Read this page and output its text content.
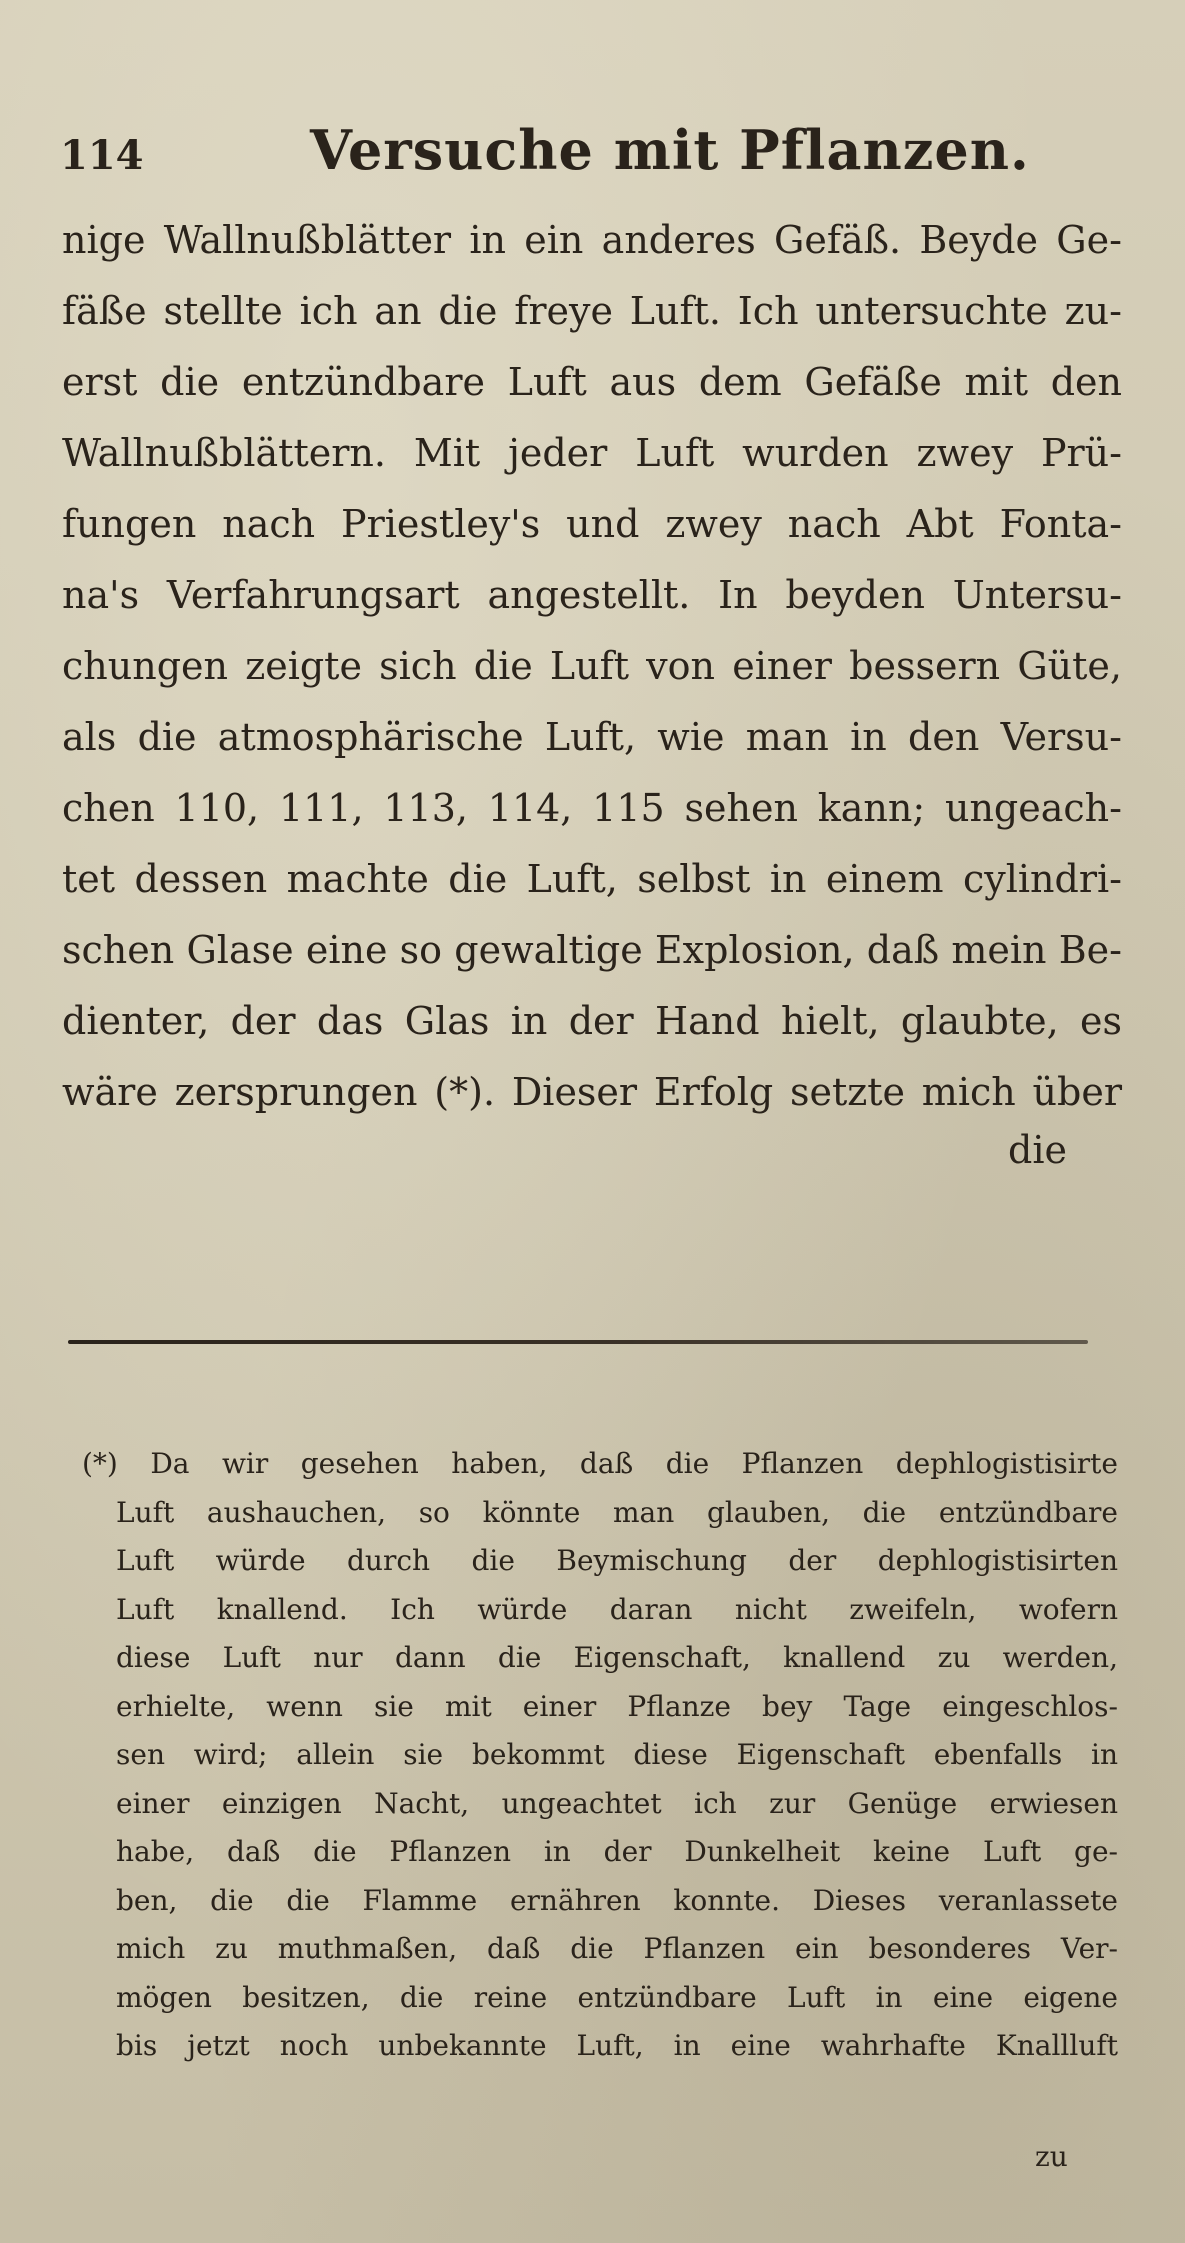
114	Versuche mit Pflanzen.
nige Wallnußblätter in ein anderes Gefäß. Beyde Ge-
fäße stellte ich an die freye Luft. Ich untersuchte zu-
erst die entzündbare Luft aus dem Gefäße mit den
Wallnußblättern. Mit jeder Luft wurden zwey Prü-
fungen nach Priestley's und zwey nach Abt Fonta-
na's Verfahrungsart angestellt. In beyden Untersu-
chungen zeigte sich die Luft von einer bessern Güte,
als die atmosphärische Luft, wie man in den Versu-
chen 110, 111, 113, 114, 115 sehen kann; ungeach-
tet dessen machte die Luft, selbst in einem cylindri-
schen Glase eine so gewaltige Explosion, daß mein Be-
dienter, der das Glas in der Hand hielt, glaubte, es
wäre zersprungen (*). Dieser Erfolg setzte mich über
die
(*) Da wir gesehen haben, daß die Pflanzen dephlogistisirte
Luft aushauchen, so könnte man glauben, die entzündbare
Luft würde durch die Beymischung der dephlogistisirten
Luft knallend. Ich würde daran nicht zweifeln, wofern
diese Luft nur dann die Eigenschaft, knallend zu werden,
erhielte, wenn sie mit einer Pflanze bey Tage eingeschlos-
sen wird; allein sie bekommt diese Eigenschaft ebenfalls in
einer einzigen Nacht, ungeachtet ich zur Genüge erwiesen
habe, daß die Pflanzen in der Dunkelheit keine Luft ge-
ben, die die Flamme ernähren konnte. Dieses veranlassete
mich zu muthmaßen, daß die Pflanzen ein besonderes Ver-
mögen besitzen, die reine entzündbare Luft in eine eigene
bis jetzt noch unbekannte Luft, in eine wahrhafte Knallluft
zu
